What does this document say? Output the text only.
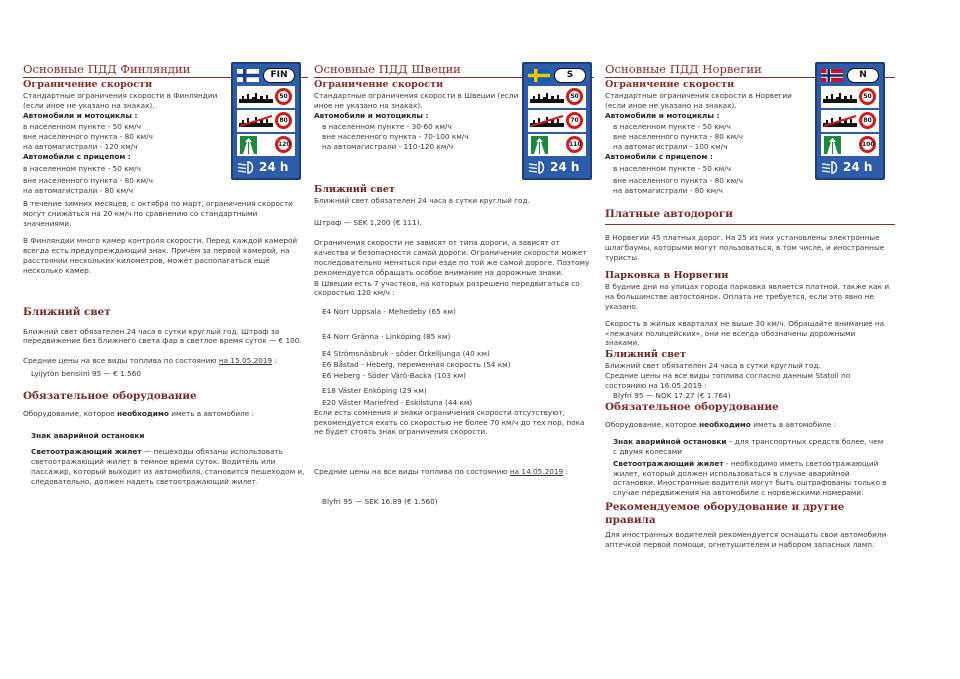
Основные ПДД Финляндии
Ограничение скорости

Стандартные ограничения скорости в Финляндии (если иное не указано на знаках).

Автомобили и мотоциклы :

в населенном пункте - 50 км/ч

вне населенного пункта - 80 км/ч

на автомагистрали - 120 км/ч

Автомобили с прицепом :

в населенном пункте - 50 км/ч

вне населенного пункта - 80 км/ч

на автомагистрали - 80 км/ч

В течение зимних месяцев, с октября по март, ограничения скорости могут снижаться на 20 км/ч по сравнению со стандартными значениями.

В Финляндии много камер контроля скорости. Перед каждой камерой всегда есть предупреждающий знак. Причём за первой камерой, на расстоянии нескольких километров, может располагаться ещё несколько камер.

Ближний свет

Ближний свет обязателен 24 часа в сутки круглый год. Штраф за передвижение без ближнего света фар в светлое время суток — € 100.

Средние цены на все виды топлива по состоянию на 15.05.2019 :

Lyijytön bensiini 95 — € 1.560

Обязательное оборудование

Оборудование, которое необходимо иметь в автомобиле :

Знак аварийной остановки

Светоотражающий жилет — пешеходы обязаны использовать светоотражающий жилет в темное время суток. Водитель или пассажир, который выходит из автомобиля, становится пешеходом и, следовательно, должен надеть светоотражающий жилет.

FIN
50
80
120
24 h
Основные ПДД Швеции
Ограничение скорости

Стандартные ограничения скорости в Швеции (если иное не указано на знаках).

Автомобили и мотоциклы :

в населенном пункте - 30-60 км/ч

вне населенного пункта - 70-100 км/ч

на автомагистрали - 110-120 км/ч

Ближний свет

Ближний свет обязателен 24 часа в сутки круглый год.

Штраф — SEK 1,200 (€ 111).

Ограничения скорости не зависят от типа дороги, а зависят от качества и безопасности самой дороги. Ограничение скорости может последовательно меняться при езде по той же самой дороге. Поэтому рекомендуется обращать особое внимание на дорожные знаки.

В Швеции есть 7 участков, на которых разрешено передвигаться со скоростью 120 км/ч :

E4 Norr Uppsala - Mehedeby (65 км)

E4 Norr Gränna - Linköping (85 км)

E4 Strömsnäsbruk - söder Örkelljunga (40 км)

E6 Båstad - Heberg, переменная скорость (54 км)

E6 Heberg - Söder Värö-Backa (103 км)

E18 Väster Enköping (29 км)

E20 Väster Mariefred - Eskilstuna (44 км)

Если есть сомнения и знаки ограничения скорости отсутствуют, рекомендуется ехать со скоростью не более 70 км/ч до тех пор, пока не будет стоять знак ограничения скорости.

Средние цены на все виды топлива по состоянию на 14.05.2019 :

Blyfri 95 — SEK 16.89 (€ 1.560)

S
50
70
110
24 h
Основные ПДД Норвегии
Ограничение скорости

Стандартные ограничения скорости в Норвегии (если иное не указано на знаках).

Автомобили и мотоциклы :

в населенном пункте - 50 км/ч

вне населенного пункта - 80 км/ч

на автомагистрали - 100 км/ч

Автомобили с прицепом :

в населенном пункте - 50 км/ч

вне населенного пункта - 80 км/ч

на автомагистрали - 80 км/ч

Платные автодороги

В Норвегии 45 платных дорог. На 25 из них установлены электронные шлагбаумы, которыми могут пользоваться, в том числе, и иностранные туристы.

Парковка в Норвегии

В будние дни на улицах города парковка является платной, также как и на большинстве автостоянок. Оплата не требуется, если это явно не указано.

Скорость в жилых кварталах не выше 30 км/ч. Обращайте внимание на «лежачих полицейских», они не всегда обозначены дорожными знаками.

Ближний свет

Ближний свет обязателен 24 часа в сутки круглый год.

Средние цены на все виды топлива согласно данным Statoil по состоянию на 16.05.2019 :

Blyfri 95 — NOK 17.27 (€ 1.764)

Обязательное оборудование

Оборудование, которое необходимо иметь в автомобиле :

Знак аварийной остановки – для транспортных средств более, чем с двумя колесами

Светоотражающий жилет - необходимо иметь светоотражающий жилет, который должен использоваться в случае аварийной остановки. Иностранные водители могут быть оштрафованы только в случае передвижения на автомобиле с норвежскими номерами.

Рекомендуемое оборудование и другие правила

Для иностранных водителей рекомендуется оснащать свои автомобили аптечкой первой помощи, огнетушителем и набором запасных ламп.

N
50
80
100
24 h
